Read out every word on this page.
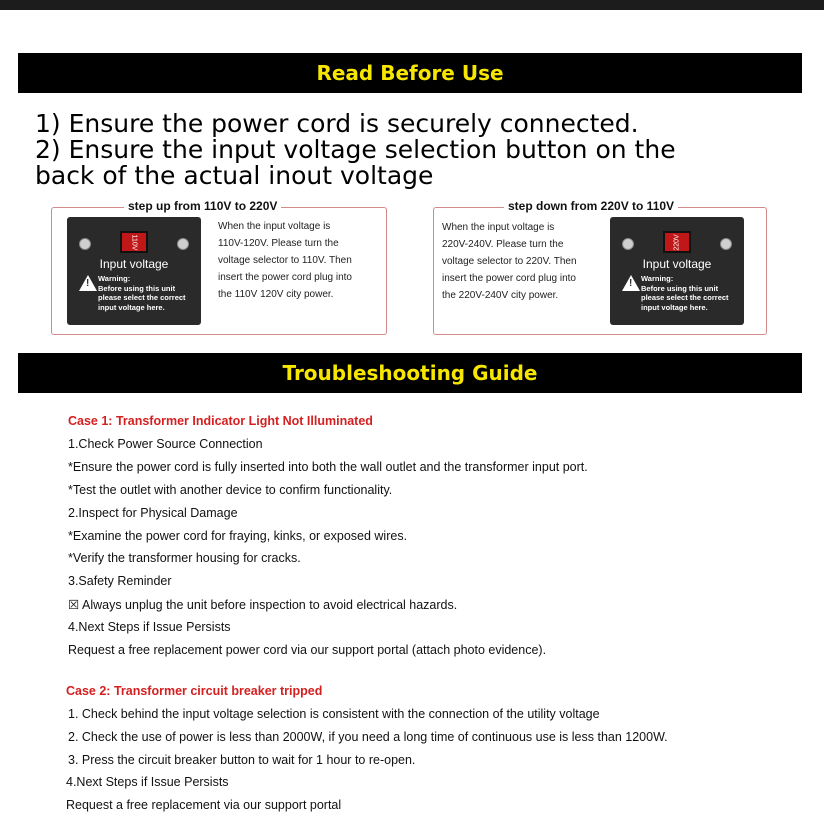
Read Before Use
1) Ensure the power cord is securely connected.
2) Ensure the input voltage selection button on the
back of the actual inout voltage
step up from 110V to 220V
110V
Input voltage
!
Warning:
Before using this unit
please select the correct
input voltage here.
When the input voltage is
110V-120V. Please turn the
voltage selector to 110V. Then
insert the power cord plug into
the 110V 120V city power.
step down from 220V to 110V
When the input voltage is
220V-240V. Please turn the
voltage selector to 220V. Then
insert the power cord plug into
the 220V-240V city power.
220V
Input voltage
!
Warning:
Before using this unit
please select the correct
input voltage here.
Troubleshooting Guide
Case 1: Transformer Indicator Light Not Illuminated
1.Check Power Source Connection
*Ensure the power cord is fully inserted into both the wall outlet and the transformer input port.
*Test the outlet with another device to confirm functionality.
2.Inspect for Physical Damage
*Examine the power cord for fraying, kinks, or exposed wires.
*Verify the transformer housing for cracks.
3.Safety Reminder
☒ Always unplug the unit before inspection to avoid electrical hazards.
4.Next Steps if Issue Persists
Request a free replacement power cord via our support portal (attach photo evidence).
Case 2: Transformer circuit breaker tripped
1. Check behind the input voltage selection is consistent with the connection of the utility voltage
2. Check the use of power is less than 2000W, if you need a long time of continuous use is less than 1200W.
3. Press the circuit breaker button to wait for 1 hour to re-open.
4.Next Steps if Issue Persists
Request a free replacement via our support portal
